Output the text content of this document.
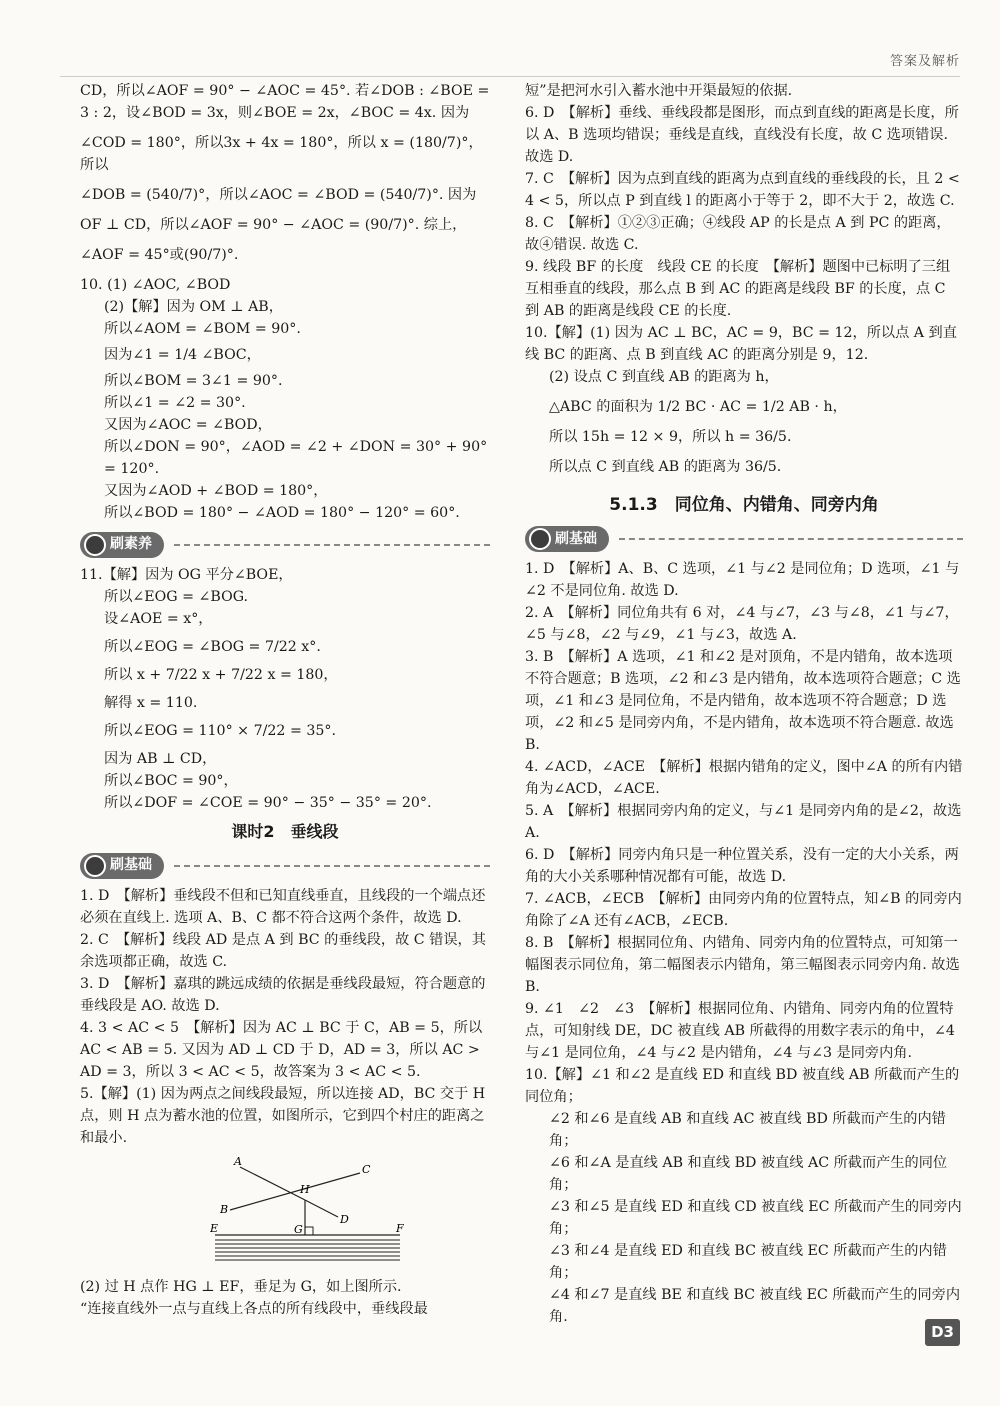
答案及解析

CD，所以∠AOF = 90° − ∠AOC = 45°. 若∠DOB : ∠BOE =

3 : 2，设∠BOD = 3x，则∠BOE = 2x，∠BOC = 4x. 因为

∠COD = 180°，所以3x + 4x = 180°，所以 x = (180/7)°，所以

∠DOB = (540/7)°，所以∠AOC = ∠BOD = (540/7)°. 因为

OF ⊥ CD，所以∠AOF = 90° − ∠AOC = (90/7)°. 综上，

∠AOF = 45°或(90/7)°.

10. (1) ∠AOC, ∠BOD

(2)【解】因为 OM ⊥ AB，

所以∠AOM = ∠BOM = 90°.

因为∠1 = 1/4 ∠BOC，

所以∠BOM = 3∠1 = 90°.

所以∠1 = ∠2 = 30°.

又因为∠AOC = ∠BOD，

所以∠DON = 90°，∠AOD = ∠2 + ∠DON = 30° + 90° = 120°.

又因为∠AOD + ∠BOD = 180°，

所以∠BOD = 180° − ∠AOD = 180° − 120° = 60°.

刷素养

11.【解】因为 OG 平分∠BOE，

所以∠EOG = ∠BOG.

设∠AOE = x°，

所以∠EOG = ∠BOG = 7/22 x°.

所以 x + 7/22 x + 7/22 x = 180，

解得 x = 110.

所以∠EOG = 110° × 7/22 = 35°.

因为 AB ⊥ CD，

所以∠BOC = 90°，

所以∠DOF = ∠COE = 90° − 35° − 35° = 20°.

课时2　垂线段
刷基础

1. D　【解析】垂线段不但和已知直线垂直，且线段的一个端点还必须在直线上. 选项 A、B、C 都不符合这两个条件，故选 D.

2. C　【解析】线段 AD 是点 A 到 BC 的垂线段，故 C 错误，其余选项都正确，故选 C.

3. D　【解析】嘉琪的跳远成绩的依据是垂线段最短，符合题意的垂线段是 AO. 故选 D.

4. 3 < AC < 5　【解析】因为 AC ⊥ BC 于 C，AB = 5，所以 AC < AB = 5. 又因为 AD ⊥ CD 于 D，AD = 3，所以 AC > AD = 3，所以 3 < AC < 5，故答案为 3 < AC < 5.

5.【解】(1) 因为两点之间线段最短，所以连接 AD，BC 交于 H 点，则 H 点为蓄水池的位置，如图所示，它到四个村庄的距离之和最小.

A
C
H
B
D
E	G	F

(2) 过 H 点作 HG ⊥ EF，垂足为 G，如上图所示.

“连接直线外一点与直线上各点的所有线段中，垂线段最

短”是把河水引入蓄水池中开渠最短的依据.

6. D　【解析】垂线、垂线段都是图形，而点到直线的距离是长度，所以 A、B 选项均错误；垂线是直线，直线没有长度，故 C 选项错误. 故选 D.

7. C　【解析】因为点到直线的距离为点到直线的垂线段的长，且 2 < 4 < 5，所以点 P 到直线 l 的距离小于等于 2，即不大于 2，故选 C.

8. C　【解析】①②③正确；④线段 AP 的长是点 A 到 PC 的距离，故④错误. 故选 C.

9. 线段 BF 的长度　线段 CE 的长度　【解析】题图中已标明了三组互相垂直的线段，那么点 B 到 AC 的距离是线段 BF 的长度，点 C 到 AB 的距离是线段 CE 的长度.

10.【解】(1) 因为 AC ⊥ BC，AC = 9，BC = 12，所以点 A 到直线 BC 的距离、点 B 到直线 AC 的距离分别是 9，12.

(2) 设点 C 到直线 AB 的距离为 h，

△ABC 的面积为 1/2 BC · AC = 1/2 AB · h，

所以 15h = 12 × 9，所以 h = 36/5.

所以点 C 到直线 AB 的距离为 36/5.

5.1.3　同位角、内错角、同旁内角
刷基础

1. D　【解析】A、B、C 选项，∠1 与∠2 是同位角；D 选项，∠1 与∠2 不是同位角. 故选 D.

2. A　【解析】同位角共有 6 对，∠4 与∠7，∠3 与∠8，∠1 与∠7，∠5 与∠8，∠2 与∠9，∠1 与∠3，故选 A.

3. B　【解析】A 选项，∠1 和∠2 是对顶角，不是内错角，故本选项不符合题意；B 选项，∠2 和∠3 是内错角，故本选项符合题意；C 选项，∠1 和∠3 是同位角，不是内错角，故本选项不符合题意；D 选项，∠2 和∠5 是同旁内角，不是内错角，故本选项不符合题意. 故选 B.

4. ∠ACD，∠ACE　【解析】根据内错角的定义，图中∠A 的所有内错角为∠ACD，∠ACE.

5. A　【解析】根据同旁内角的定义，与∠1 是同旁内角的是∠2，故选 A.

6. D　【解析】同旁内角只是一种位置关系，没有一定的大小关系，两角的大小关系哪种情况都有可能，故选 D.

7. ∠ACB，∠ECB　【解析】由同旁内角的位置特点，知∠B 的同旁内角除了∠A 还有∠ACB，∠ECB.

8. B　【解析】根据同位角、内错角、同旁内角的位置特点，可知第一幅图表示同位角，第二幅图表示内错角，第三幅图表示同旁内角. 故选 B.

9. ∠1　∠2　∠3　【解析】根据同位角、内错角、同旁内角的位置特点，可知射线 DE，DC 被直线 AB 所截得的用数字表示的角中，∠4 与∠1 是同位角，∠4 与∠2 是内错角，∠4 与∠3 是同旁内角.

10.【解】∠1 和∠2 是直线 ED 和直线 BD 被直线 AB 所截而产生的同位角；

∠2 和∠6 是直线 AB 和直线 AC 被直线 BD 所截而产生的内错角；

∠6 和∠A 是直线 AB 和直线 BD 被直线 AC 所截而产生的同位角；

∠3 和∠5 是直线 ED 和直线 CD 被直线 EC 所截而产生的同旁内角；

∠3 和∠4 是直线 ED 和直线 BC 被直线 EC 所截而产生的内错角；

∠4 和∠7 是直线 BE 和直线 BC 被直线 EC 所截而产生的同旁内角.

D3
